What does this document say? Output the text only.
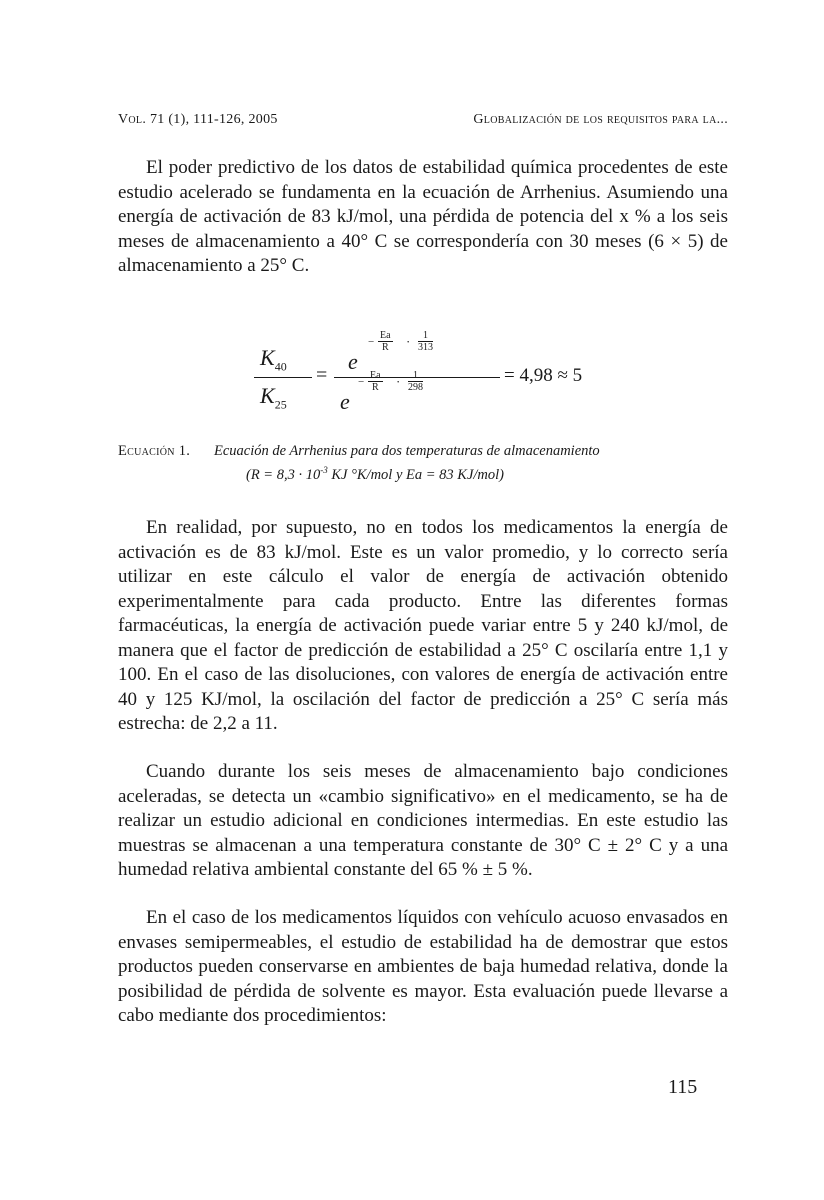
Vol. 71 (1), 111-126, 2005	Globalización de los requisitos para la...

El poder predictivo de los datos de estabilidad química procedentes de este estudio acelerado se fundamenta en la ecuación de Arrhenius. Asumiendo una energía de activación de 83 kJ/mol, una pérdida de potencia del x % a los seis meses de almacenamiento a 40° C se correspondería con 30 meses (6 × 5) de almacenamiento a 25° C.

$K_{40}$
$K_{25}$
=
e
− $\frac{Ea}{R} \cdot \frac{1}{313}$
e
− $\frac{Ea}{R} \cdot \frac{1}{298}$	= 4,98 ≈ 5
Ecuación 1. Ecuación de Arrhenius para dos temperaturas de almacenamiento
($R = 8,3 \cdot 10^{-3}$ KJ °K/mol y Ea = 83 KJ/mol)

En realidad, por supuesto, no en todos los medicamentos la energía de activación es de 83 kJ/mol. Este es un valor promedio, y lo correcto sería utilizar en este cálculo el valor de energía de activación obtenido experimentalmente para cada producto. Entre las diferentes formas farmacéuticas, la energía de activación puede variar entre 5 y 240 kJ/mol, de manera que el factor de predicción de estabilidad a 25° C oscilaría entre 1,1 y 100. En el caso de las disoluciones, con valores de energía de activación entre 40 y 125 KJ/mol, la oscilación del factor de predicción a 25° C sería más estrecha: de 2,2 a 11.

Cuando durante los seis meses de almacenamiento bajo condiciones aceleradas, se detecta un «cambio significativo» en el medicamento, se ha de realizar un estudio adicional en condiciones intermedias. En este estudio las muestras se almacenan a una temperatura constante de 30° C ± 2° C y a una humedad relativa ambiental constante del 65 % ± 5 %.

En el caso de los medicamentos líquidos con vehículo acuoso envasados en envases semipermeables, el estudio de estabilidad ha de demostrar que estos productos pueden conservarse en ambientes de baja humedad relativa, donde la posibilidad de pérdida de solvente es mayor. Esta evaluación puede llevarse a cabo mediante dos procedimientos:

115
